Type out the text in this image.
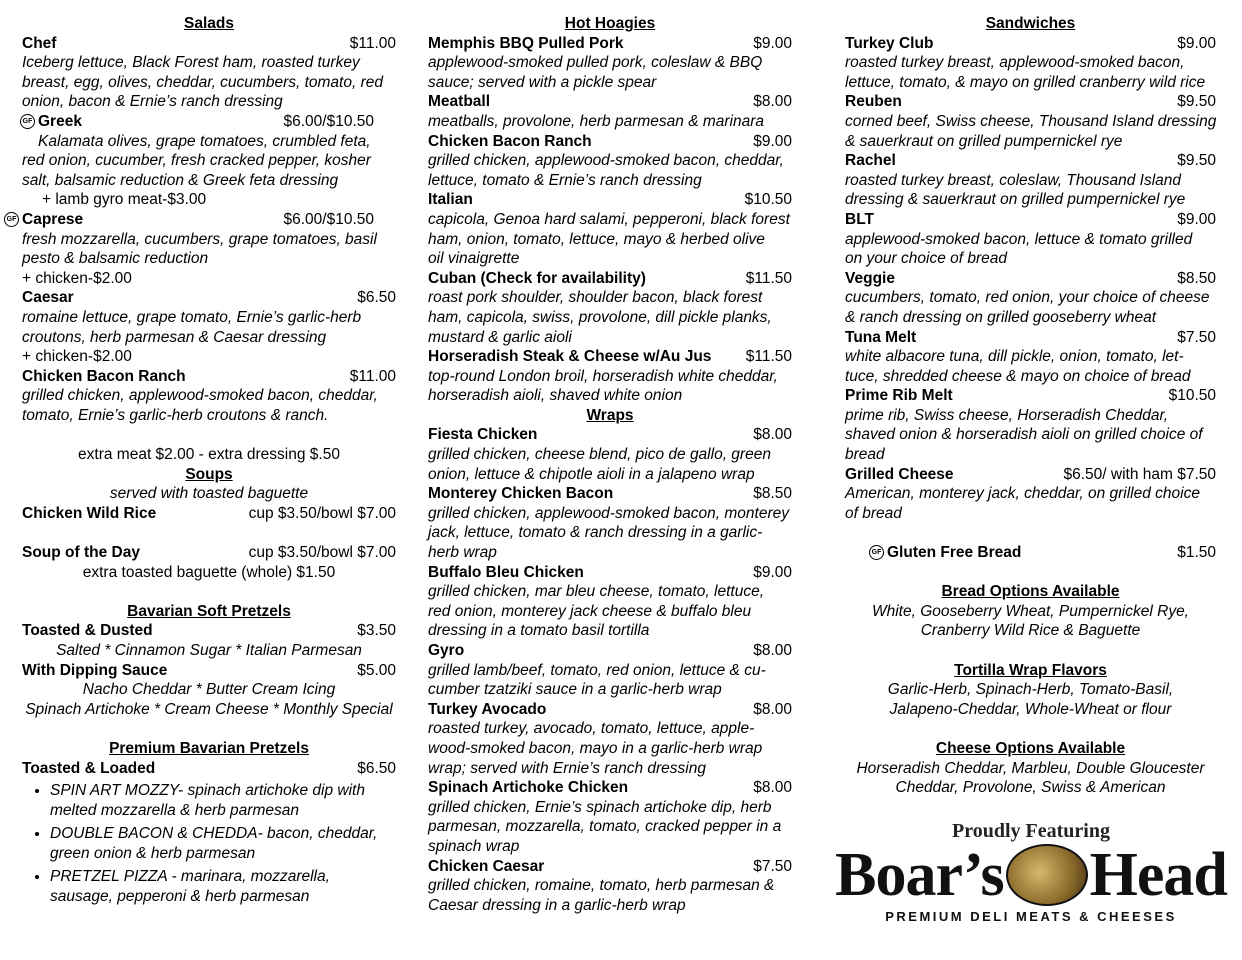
Salads
Chef	$11.00
Iceberg lettuce, Black Forest ham, roasted turkey
breast, egg, olives, cheddar, cucumbers, tomato, red
onion, bacon & Ernie’s ranch dressing
GF Greek	$6.00/$10.50
Kalamata olives, grape tomatoes, crumbled feta,
red onion, cucumber, fresh cracked pepper, kosher
salt, balsamic reduction & Greek feta dressing
+ lamb gyro meat-$3.00
GF Caprese	$6.00/$10.50
fresh mozzarella, cucumbers, grape tomatoes, basil
pesto & balsamic reduction
+ chicken-$2.00
Caesar	$6.50
romaine lettuce, grape tomato, Ernie’s garlic-herb
croutons, herb parmesan & Caesar dressing
+ chicken-$2.00
Chicken Bacon Ranch	$11.00
grilled chicken, applewood-smoked bacon, cheddar,
tomato, Ernie’s garlic-herb croutons & ranch.
extra meat $2.00 - extra dressing $.50
Soups
served with toasted baguette
Chicken Wild Rice	cup $3.50/bowl $7.00
Soup of the Day	cup $3.50/bowl $7.00
extra toasted baguette (whole) $1.50
Bavarian Soft Pretzels
Toasted & Dusted	$3.50
Salted * Cinnamon Sugar * Italian Parmesan
With Dipping Sauce	$5.00
Nacho Cheddar * Butter Cream Icing
Spinach Artichoke * Cream Cheese * Monthly Special
Premium Bavarian Pretzels
Toasted & Loaded	$6.50
• SPIN ART MOZZY- spinach artichoke dip with melted mozzarella & herb parmesan
• DOUBLE BACON & CHEDDA- bacon, cheddar, green onion & herb parmesan
• PRETZEL PIZZA - marinara, mozzarella, sausage, pepperoni & herb parmesan
Hot Hoagies
Memphis BBQ Pulled Pork	$9.00
applewood-smoked pulled pork, coleslaw & BBQ
sauce; served with a pickle spear
Meatball	$8.00
meatballs, provolone, herb parmesan & marinara
Chicken Bacon Ranch	$9.00
grilled chicken, applewood-smoked bacon, cheddar,
lettuce, tomato & Ernie’s ranch dressing
Italian	$10.50
capicola, Genoa hard salami, pepperoni, black forest
ham, onion, tomato, lettuce, mayo & herbed olive
oil vinaigrette
Cuban (Check for availability)	$11.50
roast pork shoulder, shoulder bacon, black forest
ham, capicola, swiss, provolone, dill pickle planks,
mustard & garlic aioli
Horseradish Steak & Cheese w/Au Jus $11.50
top-round London broil, horseradish white cheddar,
horseradish aioli, shaved white onion
Wraps
Fiesta Chicken	$8.00
grilled chicken, cheese blend, pico de gallo, green
onion, lettuce & chipotle aioli in a jalapeno wrap
Monterey Chicken Bacon	$8.50
grilled chicken, applewood-smoked bacon, monterey
jack, lettuce, tomato & ranch dressing in a garlic-
herb wrap
Buffalo Bleu Chicken	$9.00
grilled chicken, mar bleu cheese, tomato, lettuce,
red onion, monterey jack cheese & buffalo bleu
dressing in a tomato basil tortilla
Gyro	$8.00
grilled lamb/beef, tomato, red onion, lettuce & cu-
cumber tzatziki sauce in a garlic-herb wrap
Turkey Avocado	$8.00
roasted turkey, avocado, tomato, lettuce, apple-
wood-smoked bacon, mayo in a garlic-herb wrap
wrap; served with Ernie’s ranch dressing
Spinach Artichoke Chicken	$8.00
grilled chicken, Ernie’s spinach artichoke dip, herb
parmesan, mozzarella, tomato, cracked pepper in a
spinach wrap
Chicken Caesar	$7.50
grilled chicken, romaine, tomato, herb parmesan &
Caesar dressing in a garlic-herb wrap
Sandwiches
Turkey Club	$9.00
roasted turkey breast, applewood-smoked bacon,
lettuce, tomato, & mayo on grilled cranberry wild rice
Reuben	$9.50
corned beef, Swiss cheese, Thousand Island dressing
& sauerkraut on grilled pumpernickel rye
Rachel	$9.50
roasted turkey breast, coleslaw, Thousand Island
dressing & sauerkraut on grilled pumpernickel rye
BLT	$9.00
applewood-smoked bacon, lettuce & tomato grilled
on your choice of bread
Veggie	$8.50
cucumbers, tomato, red onion, your choice of cheese
& ranch dressing on grilled gooseberry wheat
Tuna Melt	$7.50
white albacore tuna, dill pickle, onion, tomato, let-
tuce, shredded cheese & mayo on choice of bread
Prime Rib Melt	$10.50
prime rib, Swiss cheese, Horseradish Cheddar,
shaved onion & horseradish aioli on grilled choice of
bread
Grilled Cheese	$6.50/ with ham $7.50
American, monterey jack, cheddar, on grilled choice
of bread
GF Gluten Free Bread	$1.50
Bread Options Available
White, Gooseberry Wheat, Pumpernickel Rye,
Cranberry Wild Rice & Baguette
Tortilla Wrap Flavors
Garlic-Herb, Spinach-Herb, Tomato-Basil,
Jalapeno-Cheddar, Whole-Wheat or flour
Cheese Options Available
Horseradish Cheddar, Marbleu, Double Gloucester
Cheddar, Provolone, Swiss & American
Proudly Featuring
Boar’s Head
PREMIUM DELI MEATS & CHEESES
